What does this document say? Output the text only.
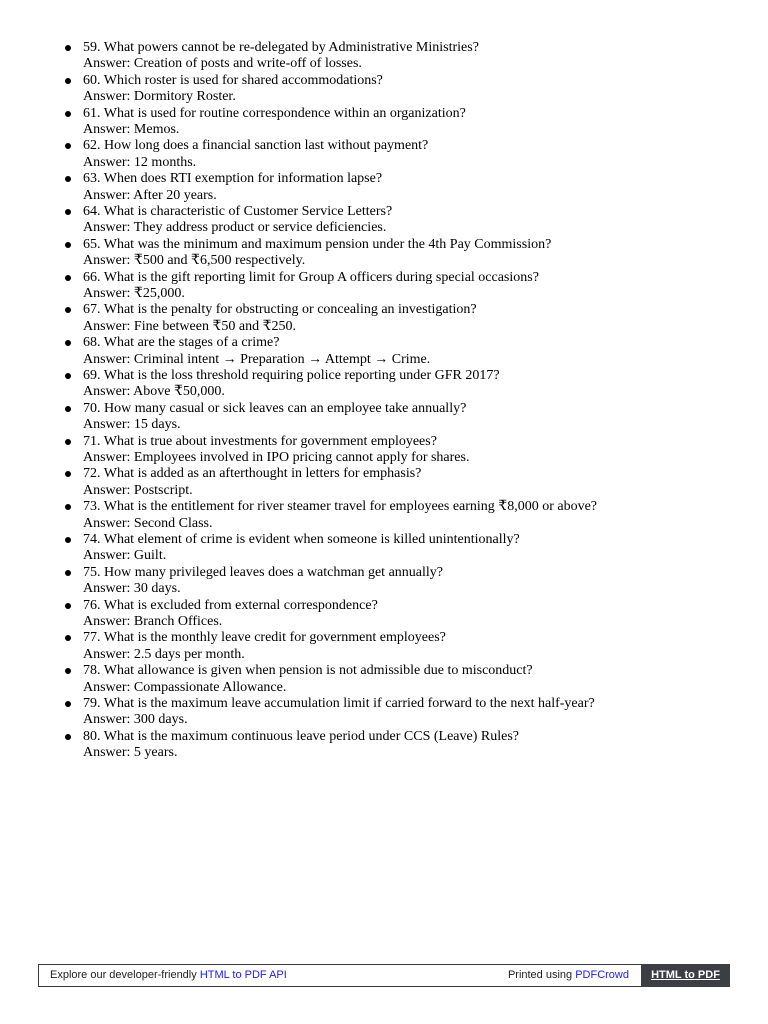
59. What powers cannot be re-delegated by Administrative Ministries?
Answer: Creation of posts and write-off of losses.
60. Which roster is used for shared accommodations?
Answer: Dormitory Roster.
61. What is used for routine correspondence within an organization?
Answer: Memos.
62. How long does a financial sanction last without payment?
Answer: 12 months.
63. When does RTI exemption for information lapse?
Answer: After 20 years.
64. What is characteristic of Customer Service Letters?
Answer: They address product or service deficiencies.
65. What was the minimum and maximum pension under the 4th Pay Commission?
Answer: ₹500 and ₹6,500 respectively.
66. What is the gift reporting limit for Group A officers during special occasions?
Answer: ₹25,000.
67. What is the penalty for obstructing or concealing an investigation?
Answer: Fine between ₹50 and ₹250.
68. What are the stages of a crime?
Answer: Criminal intent → Preparation → Attempt → Crime.
69. What is the loss threshold requiring police reporting under GFR 2017?
Answer: Above ₹50,000.
70. How many casual or sick leaves can an employee take annually?
Answer: 15 days.
71. What is true about investments for government employees?
Answer: Employees involved in IPO pricing cannot apply for shares.
72. What is added as an afterthought in letters for emphasis?
Answer: Postscript.
73. What is the entitlement for river steamer travel for employees earning ₹8,000 or above?
Answer: Second Class.
74. What element of crime is evident when someone is killed unintentionally?
Answer: Guilt.
75. How many privileged leaves does a watchman get annually?
Answer: 30 days.
76. What is excluded from external correspondence?
Answer: Branch Offices.
77. What is the monthly leave credit for government employees?
Answer: 2.5 days per month.
78. What allowance is given when pension is not admissible due to misconduct?
Answer: Compassionate Allowance.
79. What is the maximum leave accumulation limit if carried forward to the next half-year?
Answer: 300 days.
80. What is the maximum continuous leave period under CCS (Leave) Rules?
Answer: 5 years.
Explore our developer-friendly HTML to PDF API	Printed using PDFCrowd	HTML to PDF
